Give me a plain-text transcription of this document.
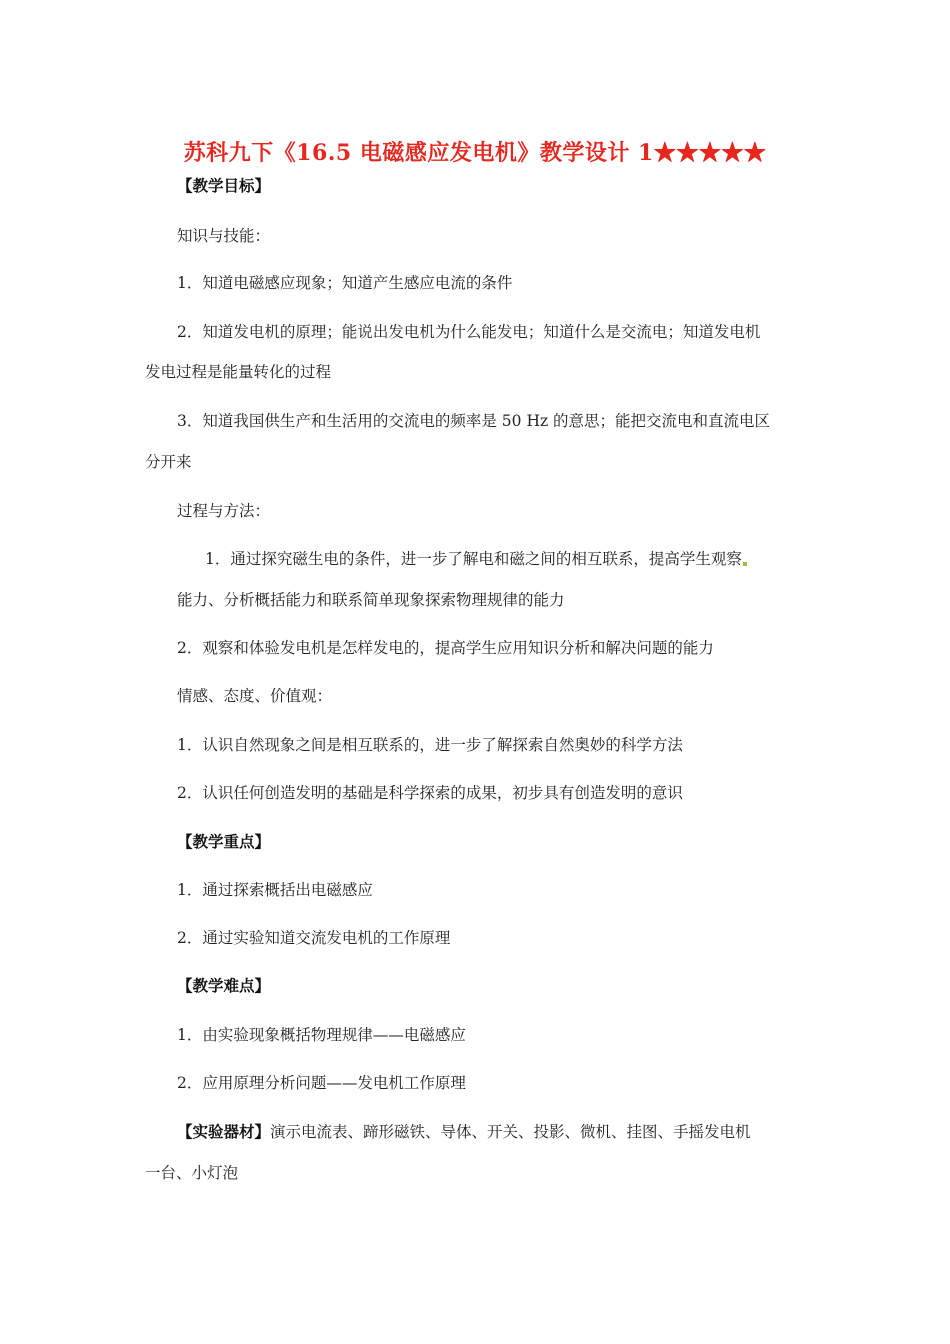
苏科九下《16.5 电磁感应发电机》教学设计 1★★★★★
【教学目标】
知识与技能：
1．知道电磁感应现象；知道产生感应电流的条件
2．知道发电机的原理；能说出发电机为什么能发电；知道什么是交流电；知道发电机
发电过程是能量转化的过程
3．知道我国供生产和生活用的交流电的频率是 50 Hz 的意思；能把交流电和直流电区
分开来
过程与方法：
1．通过探究磁生电的条件，进一步了解电和磁之间的相互联系，提高学生观察
能力、分析概括能力和联系简单现象探索物理规律的能力
2．观察和体验发电机是怎样发电的，提高学生应用知识分析和解决问题的能力
情感、态度、价值观：
1．认识自然现象之间是相互联系的，进一步了解探索自然奥妙的科学方法
2．认识任何创造发明的基础是科学探索的成果，初步具有创造发明的意识
【教学重点】
1．通过探索概括出电磁感应
2．通过实验知道交流发电机的工作原理
【教学难点】
1．由实验现象概括物理规律——电磁感应
2．应用原理分析问题——发电机工作原理
【实验器材】演示电流表、蹄形磁铁、导体、开关、投影、微机、挂图、手摇发电机
一台、小灯泡
